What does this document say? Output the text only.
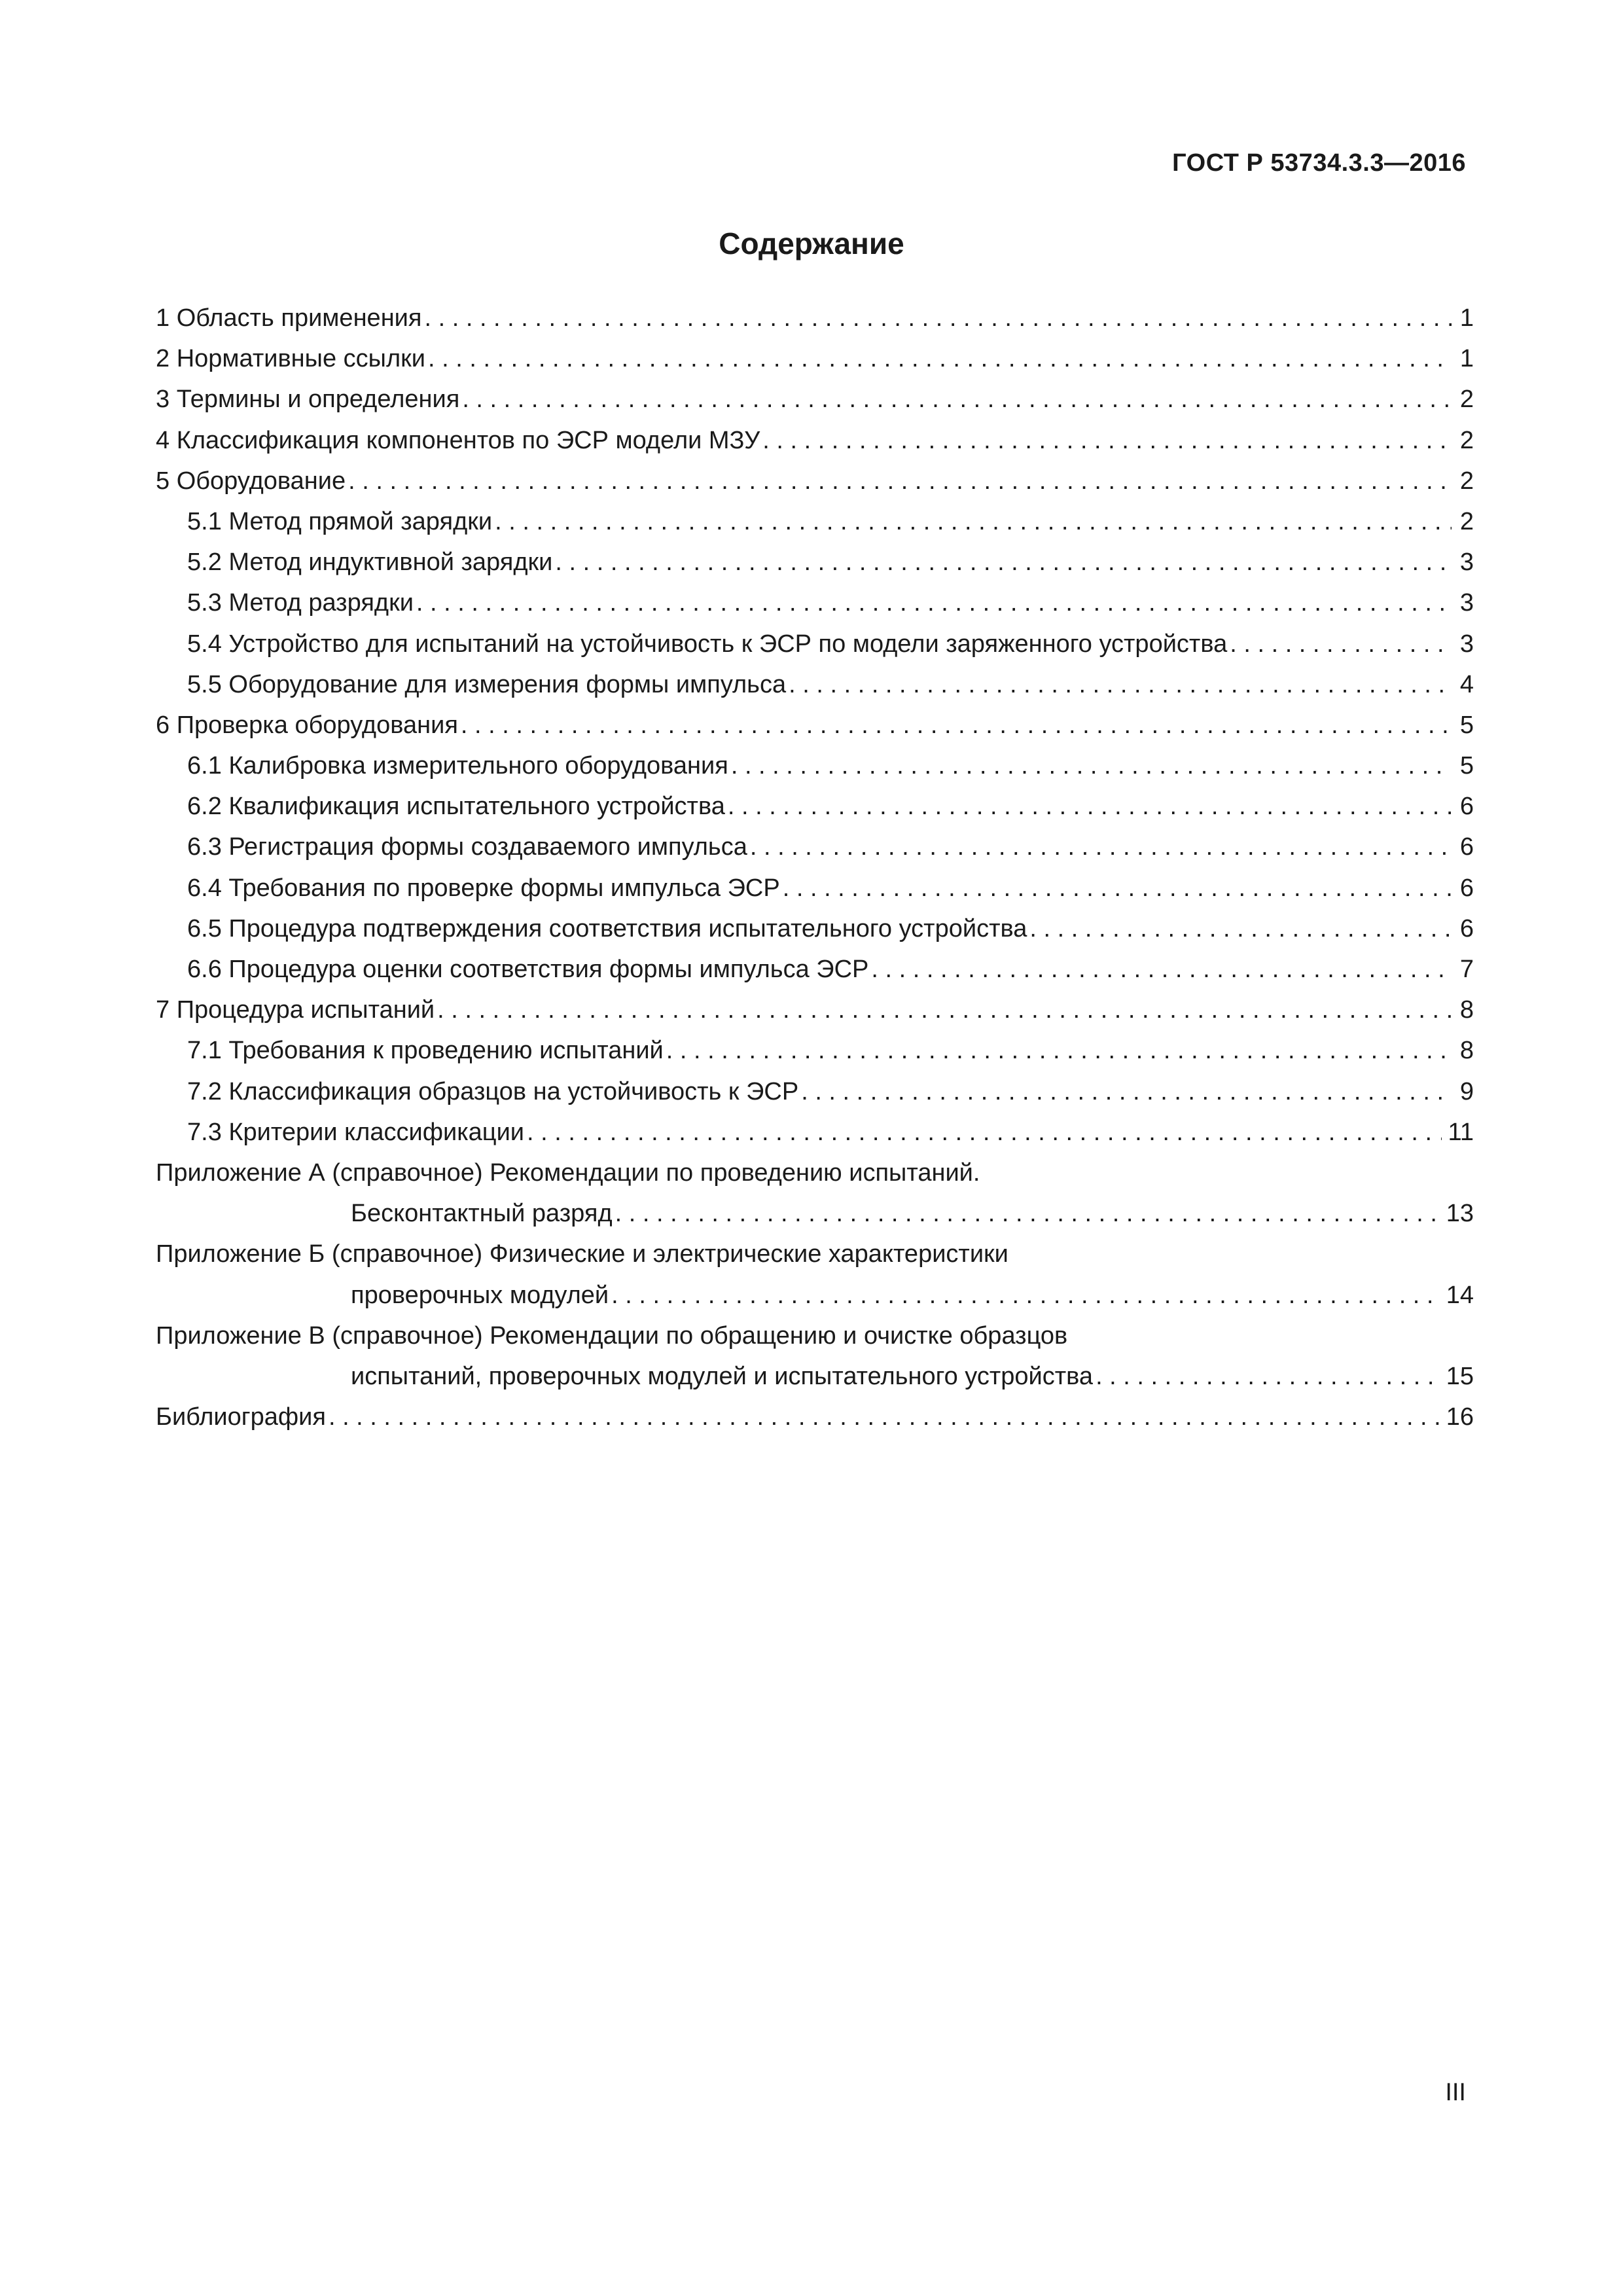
ГОСТ Р 53734.3.3—2016
Содержание
1 Область применения . . .	1
2 Нормативные ссылки . . .	1
3 Термины и определения . . .	2
4 Классификация компонентов по ЭСР модели МЗУ . . .	2
5 Оборудование . . .	2
5.1 Метод прямой зарядки . . .	2
5.2 Метод индуктивной зарядки . . .	3
5.3 Метод разрядки . . .	3
5.4 Устройство для испытаний на устойчивость к ЭСР по модели заряженного устройства . . .	3
5.5 Оборудование для измерения формы импульса . . .	4
6 Проверка оборудования . . .	5
6.1 Калибровка измерительного оборудования . . .	5
6.2 Квалификация испытательного устройства . . .	6
6.3 Регистрация формы создаваемого импульса . . .	6
6.4 Требования по проверке формы импульса ЭСР . . .	6
6.5 Процедура подтверждения соответствия испытательного устройства . . .	6
6.6 Процедура оценки соответствия формы импульса ЭСР . . .	7
7 Процедура испытаний . . .	8
7.1 Требования к проведению испытаний . . .	8
7.2 Классификация образцов на устойчивость к ЭСР . . .	9
7.3 Критерии классификации . . .	11
Приложение А (справочное) Рекомендации по проведению испытаний.
Бесконтактный разряд . . .	13
Приложение Б (справочное) Физические и электрические характеристики
проверочных модулей . . .	14
Приложение В (справочное) Рекомендации по обращению и очистке образцов
испытаний, проверочных модулей и испытательного устройства . . .	15
Библиография . . .	16
III
